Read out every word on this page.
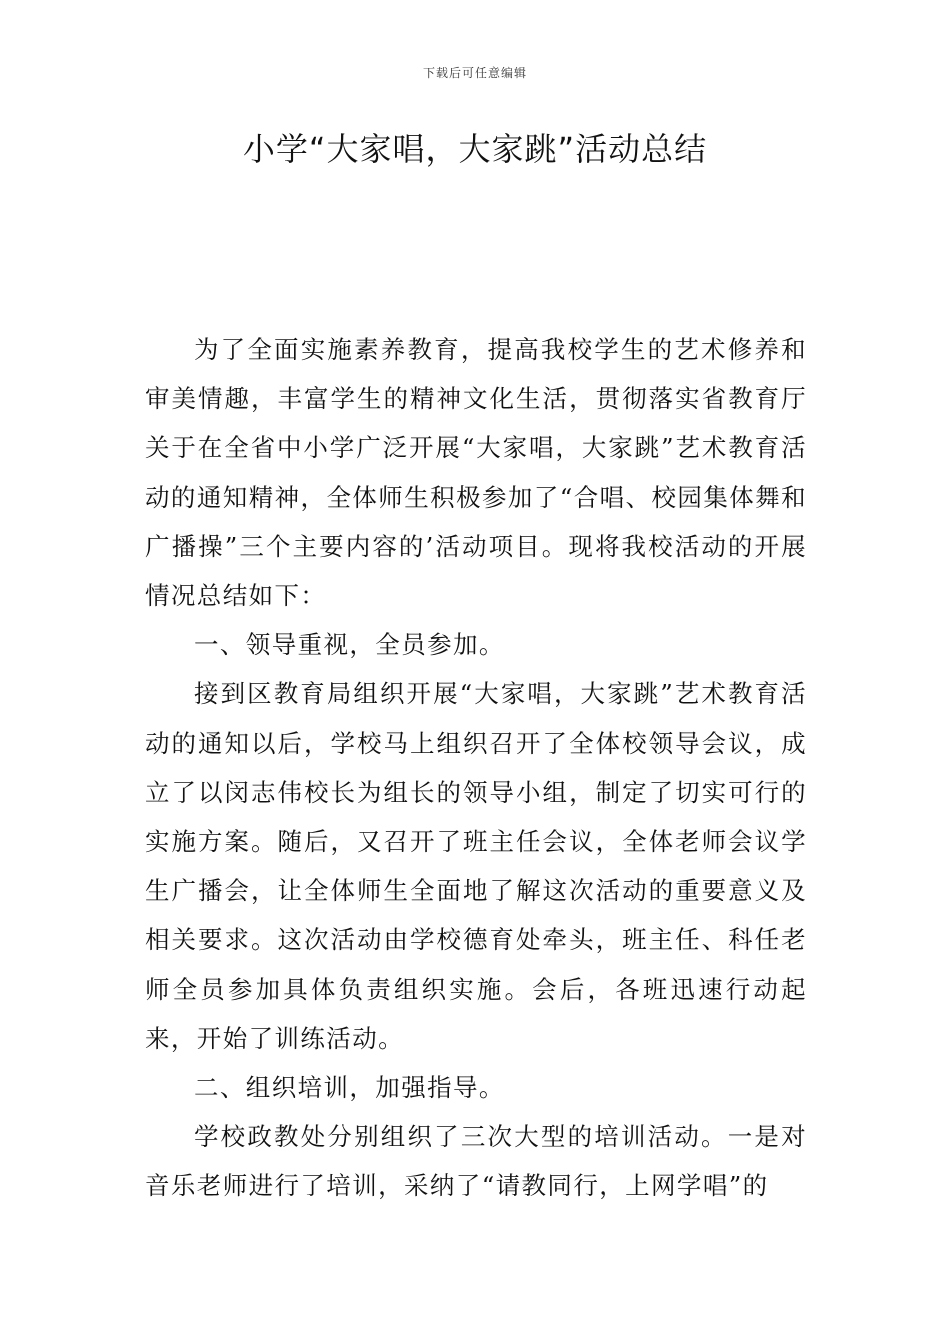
下载后可任意编辑
小学“大家唱，大家跳”活动总结

为了全面实施素养教育，提高我校学生的艺术修养和审美情趣，丰富学生的精神文化生活，贯彻落实省教育厅关于在全省中小学广泛开展“大家唱，大家跳”艺术教育活动的通知精神，全体师生积极参加了“合唱、校园集体舞和广播操”三个主要内容的’活动项目。现将我校活动的开展情况总结如下：

一、领导重视，全员参加。

接到区教育局组织开展“大家唱，大家跳”艺术教育活动的通知以后，学校马上组织召开了全体校领导会议，成立了以闵志伟校长为组长的领导小组，制定了切实可行的实施方案。随后，又召开了班主任会议，全体老师会议学生广播会，让全体师生全面地了解这次活动的重要意义及相关要求。这次活动由学校德育处牵头，班主任、科任老师全员参加具体负责组织实施。会后，各班迅速行动起来，开始了训练活动。

二、组织培训，加强指导。

学校政教处分别组织了三次大型的培训活动。一是对音乐老师进行了培训，采纳了“请教同行，上网学唱”的
